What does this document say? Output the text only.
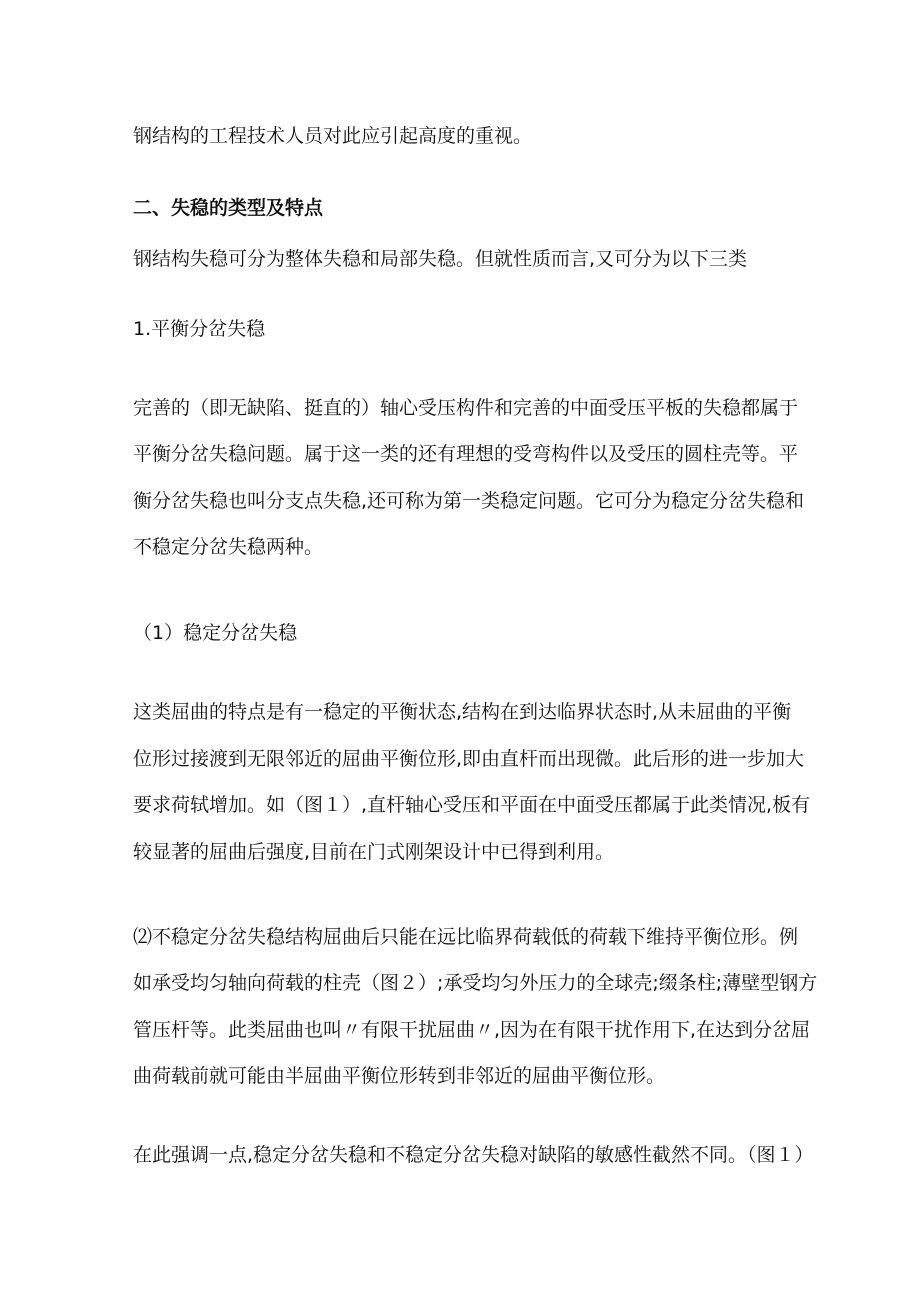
钢结构的工程技术人员对此应引起高度的重视。
二、失稳的类型及特点
钢结构失稳可分为整体失稳和局部失稳。但就性质而言,又可分为以下三类
1.平衡分岔失稳
完善的（即无缺陷、挺直的）轴心受压构件和完善的中面受压平板的失稳都属于
平衡分岔失稳问题。属于这一类的还有理想的受弯构件以及受压的圆柱壳等。平
衡分岔失稳也叫分支点失稳,还可称为第一类稳定问题。它可分为稳定分岔失稳和
不稳定分岔失稳两种。
（1）稳定分岔失稳
这类屈曲的特点是有一稳定的平衡状态,结构在到达临界状态时,从未屈曲的平衡
位形过接渡到无限邻近的屈曲平衡位形,即由直杆而出现微。此后形的进一步加大
要求荷轼增加。如（图１）,直杆轴心受压和平面在中面受压都属于此类情况,板有
较显著的屈曲后强度,目前在门式刚架设计中已得到利用。
⑵不稳定分岔失稳结构屈曲后只能在远比临界荷载低的荷载下维持平衡位形。例
如承受均匀轴向荷载的柱壳（图２）;承受均匀外压力的全球壳;缀条柱;薄壁型钢方
管压杆等。此类屈曲也叫〃有限干扰屈曲〃,因为在有限干扰作用下,在达到分岔屈
曲荷载前就可能由半屈曲平衡位形转到非邻近的屈曲平衡位形。
在此强调一点,稳定分岔失稳和不稳定分岔失稳对缺陷的敏感性截然不同。（图１）
